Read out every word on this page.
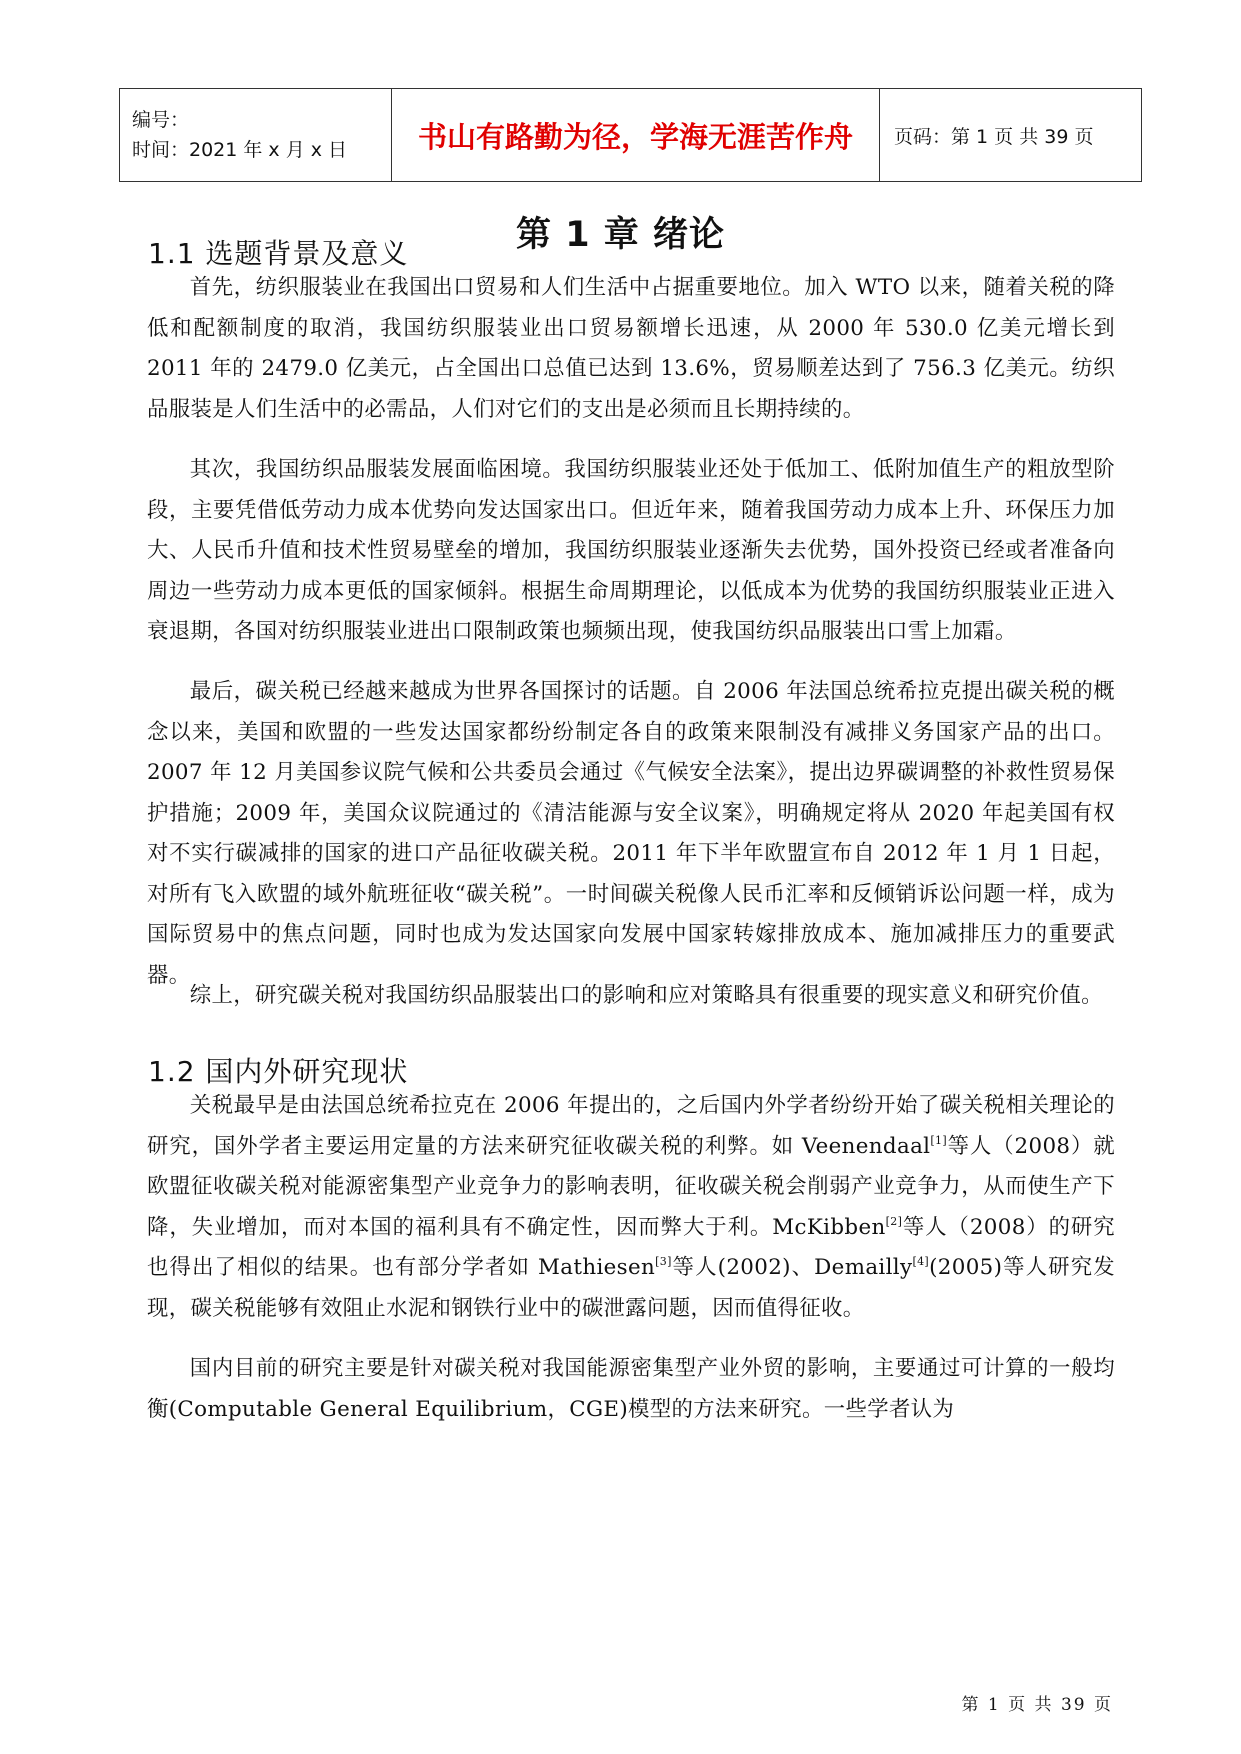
编号：
时间：2021 年 x 月 x 日	书山有路勤为径，学海无涯苦作舟	页码：第 1 页 共 39 页
第 1 章 绪论
1.1 选题背景及意义

首先，纺织服装业在我国出口贸易和人们生活中占据重要地位。加入 WTO 以来，随着关税的降低和配额制度的取消，我国纺织服装业出口贸易额增长迅速，从 2000 年 530.0 亿美元增长到 2011 年的 2479.0 亿美元，占全国出口总值已达到 13.6%，贸易顺差达到了 756.3 亿美元。纺织品服装是人们生活中的必需品，人们对它们的支出是必须而且长期持续的。

其次，我国纺织品服装发展面临困境。我国纺织服装业还处于低加工、低附加值生产的粗放型阶段，主要凭借低劳动力成本优势向发达国家出口。但近年来，随着我国劳动力成本上升、环保压力加大、人民币升值和技术性贸易壁垒的增加，我国纺织服装业逐渐失去优势，国外投资已经或者准备向周边一些劳动力成本更低的国家倾斜。根据生命周期理论，以低成本为优势的我国纺织服装业正进入衰退期，各国对纺织服装业进出口限制政策也频频出现，使我国纺织品服装出口雪上加霜。

最后，碳关税已经越来越成为世界各国探讨的话题。自 2006 年法国总统希拉克提出碳关税的概念以来，美国和欧盟的一些发达国家都纷纷制定各自的政策来限制没有减排义务国家产品的出口。2007 年 12 月美国参议院气候和公共委员会通过《气候安全法案》，提出边界碳调整的补救性贸易保护措施；2009 年，美国众议院通过的《清洁能源与安全议案》，明确规定将从 2020 年起美国有权对不实行碳减排的国家的进口产品征收碳关税。2011 年下半年欧盟宣布自 2012 年 1 月 1 日起，对所有飞入欧盟的域外航班征收“碳关税”。一时间碳关税像人民币汇率和反倾销诉讼问题一样，成为国际贸易中的焦点问题，同时也成为发达国家向发展中国家转嫁排放成本、施加减排压力的重要武器。

综上，研究碳关税对我国纺织品服装出口的影响和应对策略具有很重要的现实意义和研究价值。

1.2 国内外研究现状

关税最早是由法国总统希拉克在 2006 年提出的，之后国内外学者纷纷开始了碳关税相关理论的研究，国外学者主要运用定量的方法来研究征收碳关税的利弊。如 Veenendaal[1]等人（2008）就欧盟征收碳关税对能源密集型产业竞争力的影响表明，征收碳关税会削弱产业竞争力，从而使生产下降，失业增加，而对本国的福利具有不确定性，因而弊大于利。McKibben[2]等人（2008）的研究也得出了相似的结果。也有部分学者如 Mathiesen[3]等人(2002)、Demailly[4](2005)等人研究发现，碳关税能够有效阻止水泥和钢铁行业中的碳泄露问题，因而值得征收。

国内目前的研究主要是针对碳关税对我国能源密集型产业外贸的影响，主要通过可计算的一般均衡(Computable General Equilibrium，CGE)模型的方法来研究。一些学者认为

第 1 页 共 39 页
